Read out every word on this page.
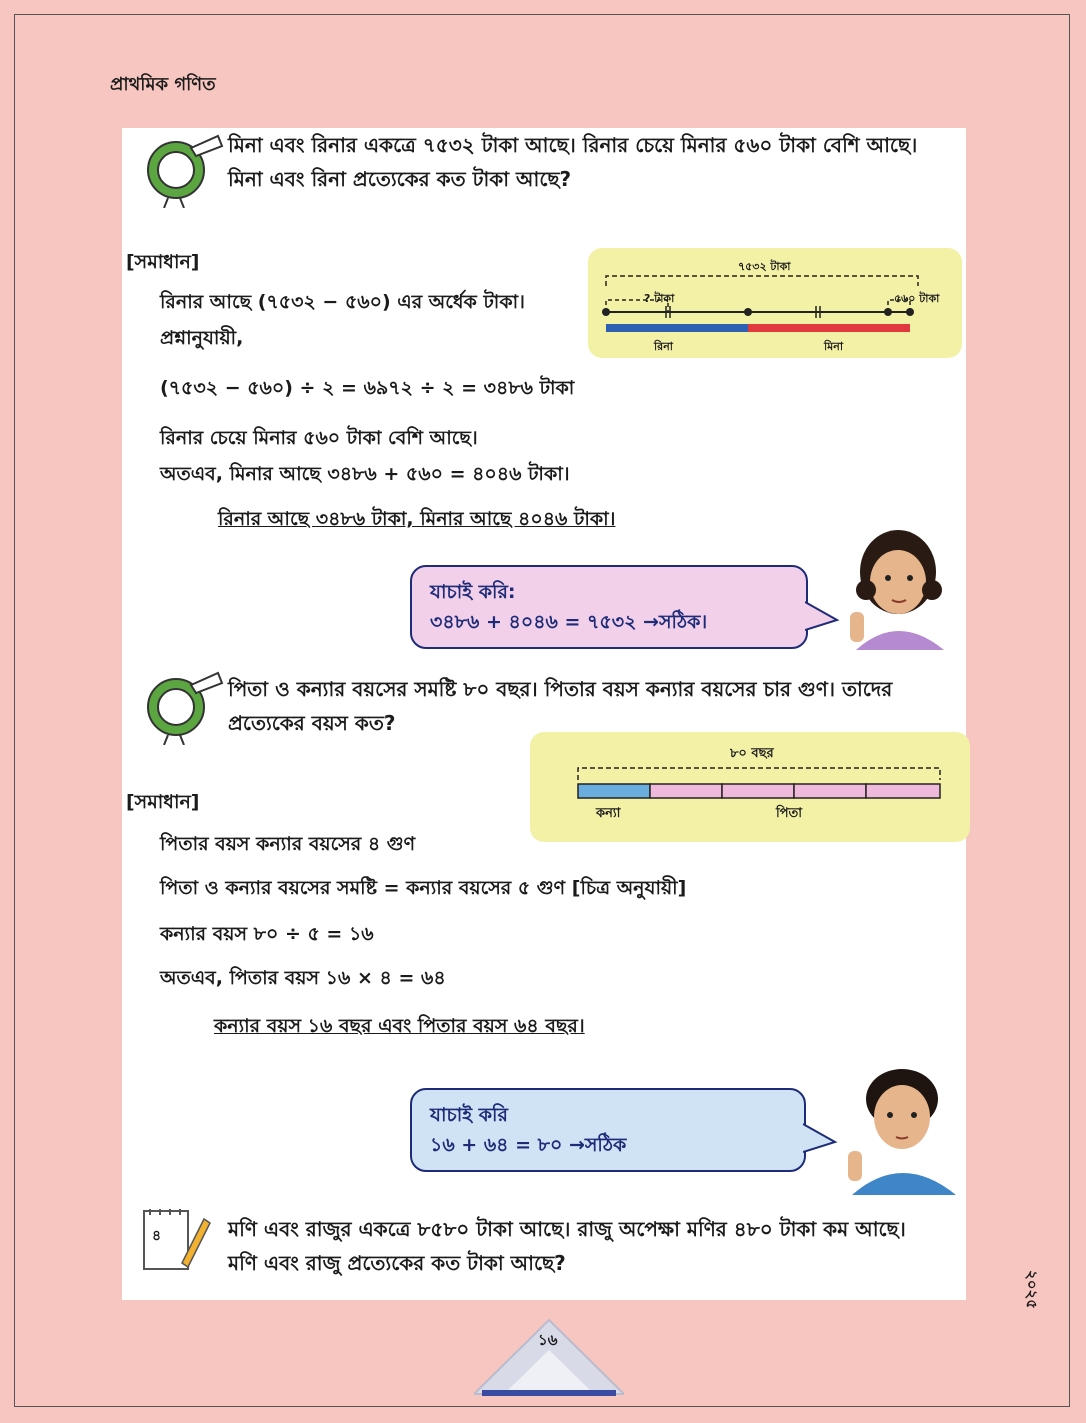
প্রাথমিক গণিত
মিনা এবং রিনার একত্রে ৭৫৩২ টাকা আছে। রিনার চেয়ে মিনার ৫৬০ টাকা বেশি আছে।
মিনা এবং রিনা প্রত্যেকের কত টাকা আছে?
[সমাধান]
রিনার আছে (৭৫৩২ − ৫৬০) এর অর্ধেক টাকা।
প্রশ্নানুযায়ী,
(৭৫৩২ − ৫৬০) ÷ ২ = ৬৯৭২ ÷ ২ = ৩৪৮৬ টাকা
রিনার চেয়ে মিনার ৫৬০ টাকা বেশি আছে।
অতএব, মিনার আছে ৩৪৮৬ + ৫৬০ = ৪০৪৬ টাকা।
রিনার আছে ৩৪৮৬ টাকা, মিনার আছে ৪০৪৬ টাকা।
৭৫৩২ টাকা
? টাকা	৫৬০ টাকা
রিনা	মিনা
যাচাই করি:
৩৪৮৬ + ৪০৪৬ = ৭৫৩২ →সঠিক।
পিতা ও কন্যার বয়সের সমষ্টি ৮০ বছর। পিতার বয়স কন্যার বয়সের চার গুণ। তাদের
প্রত্যেকের বয়স কত?
৮০ বছর
কন্যা	পিতা
[সমাধান]
পিতার বয়স কন্যার বয়সের ৪ গুণ
পিতা ও কন্যার বয়সের সমষ্টি = কন্যার বয়সের ৫ গুণ [চিত্র অনুযায়ী]
কন্যার বয়স ৮০ ÷ ৫ = ১৬
অতএব, পিতার বয়স ১৬ × ৪ = ৬৪
কন্যার বয়স ১৬ বছর এবং পিতার বয়স ৬৪ বছর।
যাচাই করি
১৬ + ৬৪ = ৮০ →সঠিক
৪	মণি এবং রাজুর একত্রে ৮৫৮০ টাকা আছে। রাজু অপেক্ষা মণির ৪৮০ টাকা কম আছে।
মণি এবং রাজু প্রত্যেকের কত টাকা আছে?
২০২৫
১৬
